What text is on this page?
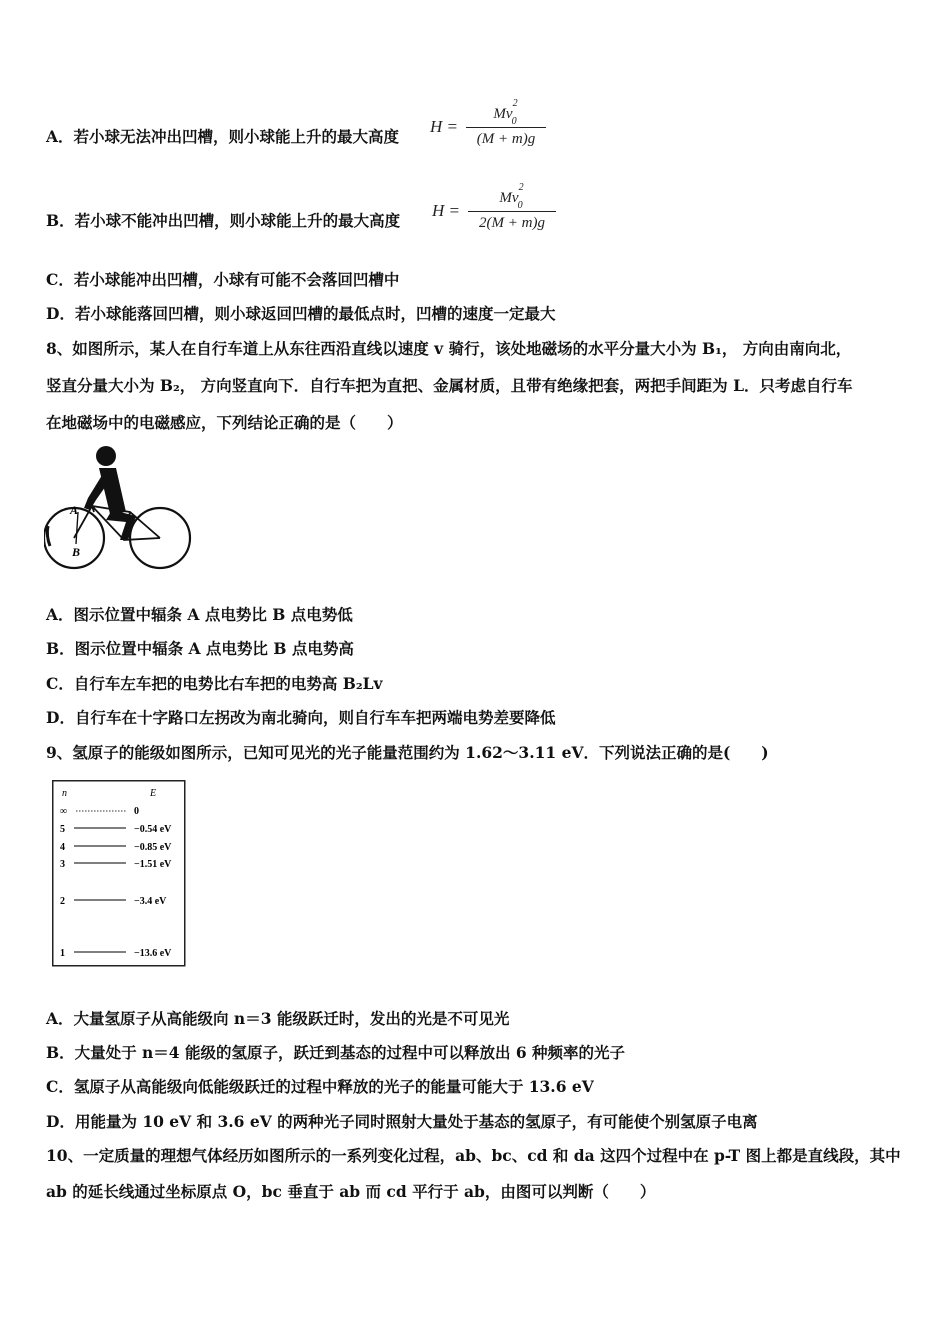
A．若小球无法冲出凹槽，则小球能上升的最大高度
H =
$Mv^2_0$
(M + m)g
B．若小球不能冲出凹槽，则小球能上升的最大高度
H =
$Mv^2_0$
2(M + m)g
C．若小球能冲出凹槽，小球有可能不会落回凹槽中
D．若小球能落回凹槽，则小球返回凹槽的最低点时，凹槽的速度一定最大
8、如图所示，某人在自行车道上从东往西沿直线以速度 v 骑行，该处地磁场的水平分量大小为 B₁， 方向由南向北，
竖直分量大小为 B₂， 方向竖直向下．自行车把为直把、金属材质，且带有绝缘把套，两把手间距为 L．只考虑自行车
在地磁场中的电磁感应，下列结论正确的是（　　）
A
B
A．图示位置中辐条 A 点电势比 B 点电势低
B．图示位置中辐条 A 点电势比 B 点电势高
C．自行车左车把的电势比右车把的电势高 B₂Lv
D．自行车在十字路口左拐改为南北骑向，则自行车车把两端电势差要降低
9、氢原子的能级如图所示，已知可见光的光子能量范围约为 1.62～3.11 eV．下列说法正确的是(　　)
n	E
∞	0
5	−0.54 eV
4	−0.85 eV
3	−1.51 eV
2	−3.4 eV
1	−13.6 eV
A．大量氢原子从高能级向 n＝3 能级跃迁时，发出的光是不可见光
B．大量处于 n＝4 能级的氢原子，跃迁到基态的过程中可以释放出 6 种频率的光子
C．氢原子从高能级向低能级跃迁的过程中释放的光子的能量可能大于 13.6 eV
D．用能量为 10 eV 和 3.6 eV 的两种光子同时照射大量处于基态的氢原子，有可能使个别氢原子电离
10、一定质量的理想气体经历如图所示的一系列变化过程，ab、bc、cd 和 da 这四个过程中在 p-T 图上都是直线段，其中
ab 的延长线通过坐标原点 O，bc 垂直于 ab 而 cd 平行于 ab，由图可以判断（　　）
